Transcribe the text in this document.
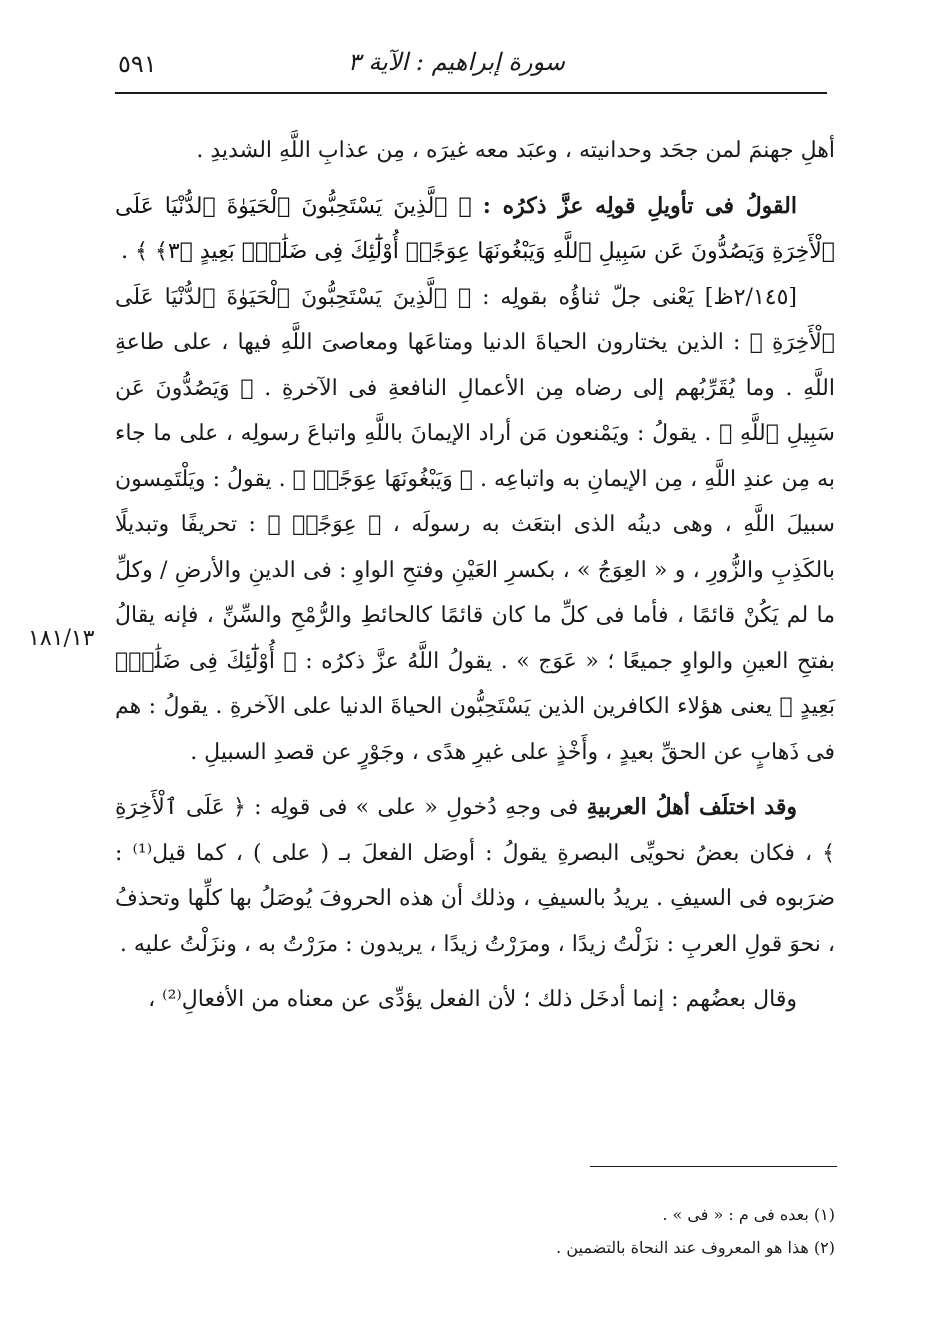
٥٩١	سورة إبراهيم : الآية ٣
١٨١/١٣

أهلِ جهنمَ لمن جحَد وحدانيته ، وعبَد معه غيرَه ، مِن عذابِ اللَّهِ الشديدِ .

القولُ فى تأويلِ قولِه عزَّ ذكرُه : ﴿ ٱلَّذِينَ يَسْتَحِبُّونَ ٱلْحَيَوٰةَ ٱلدُّنْيَا عَلَى ٱلْأَخِرَةِ وَيَصُدُّونَ عَن سَبِيلِ ٱللَّهِ وَيَبْغُونَهَا عِوَجًاۚ أُوْلَٰٓئِكَ فِى ضَلَٰلٍۭ بَعِيدٍ ﴿٣﴾ ﴾ .

[٢/١٤٥ظ] يَعْنى جلّ ثناؤُه بقولِه : ﴿ ٱلَّذِينَ يَسْتَحِبُّونَ ٱلْحَيَوٰةَ ٱلدُّنْيَا عَلَى ٱلْأَخِرَةِ ﴾ : الذين يختارون الحياةَ الدنيا ومتاعَها ومعاصىَ اللَّهِ فيها ، على طاعةِ اللَّهِ . وما يُقَرِّبُهم إلى رضاه مِن الأعمالِ النافعةِ فى الآخرةِ . ﴿ وَيَصُدُّونَ عَن سَبِيلِ ٱللَّهِ ﴾ . يقولُ : ويَمْنعون مَن أراد الإيمانَ باللَّهِ واتباعَ رسولِه ، على ما جاء به مِن عندِ اللَّهِ ، مِن الإيمانِ به واتباعِه . ﴿ وَيَبْغُونَهَا عِوَجًاۚ ﴾ . يقولُ : ويَلْتَمِسون سبيلَ اللَّهِ ، وهى دينُه الذى ابتعَث به رسولَه ، ﴿ عِوَجًاۚ ﴾ : تحريفًا وتبديلًا بالكَذِبِ والزُّورِ ، و « العِوَجُ » ، بكسرِ العَيْنِ وفتحِ الواوِ : فى الدينِ والأرضِ / وكلِّ ما لم يَكُنْ قائمًا ، فأما فى كلِّ ما كان قائمًا كالحائطِ والرُّمْحِ والسِّنِّ ، فإنه يقالُ بفتحِ العينِ والواوِ جميعًا ؛ « عَوَج » . يقولُ اللَّهُ عزَّ ذكرُه : ﴿ أُوْلَٰٓئِكَ فِى ضَلَٰلٍۭ بَعِيدٍ ﴾ يعنى هؤلاء الكافرين الذين يَسْتَحِبُّون الحياةَ الدنيا على الآخرةِ . يقولُ : هم فى ذَهابٍ عن الحقِّ بعيدٍ ، وأَخْذٍ على غيرِ هدًى ، وجَوْرٍ عن قصدِ السبيلِ .

وقد اختلَف أهلُ العربيةِ فى وجهِ دُخولِ « على » فى قولِه : ﴿ عَلَى ٱلْأَخِرَةِ ﴾ ، فكان بعضُ نحويِّى البصرةِ يقولُ : أوصَل الفعلَ بـ ( على ) ، كما قيل⁽¹⁾ : ضرَبوه فى السيفِ . يريدُ بالسيفِ ، وذلك أن هذه الحروفَ يُوصَلُ بها كلِّها وتحذفُ ، نحوَ قولِ العربِ : نزَلْتُ زيدًا ، ومرَرْتُ زيدًا ، يريدون : مرَرْتُ به ، ونزَلْتُ عليه .

وقال بعضُهم : إنما أدخَل ذلك ؛ لأن الفعل يؤدِّى عن معناه من الأفعالِ⁽²⁾ ،

(١) بعده فى م : « فى » .

(٢) هذا هو المعروف عند النحاة بالتضمين .
